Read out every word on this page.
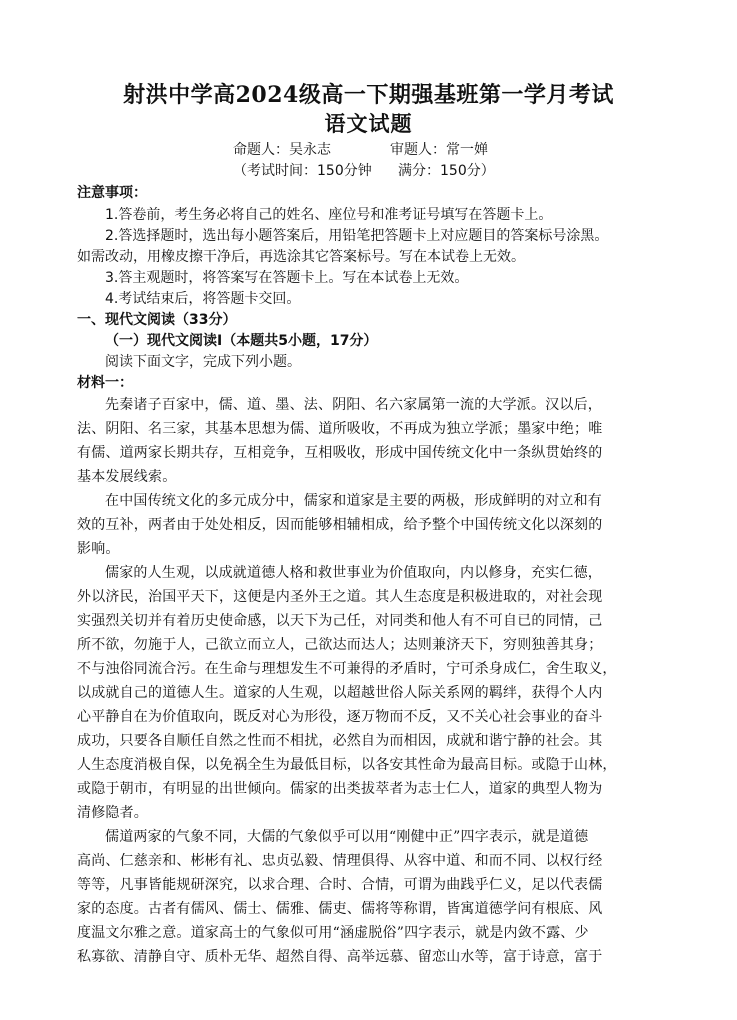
射洪中学高2024级高一下期强基班第一学月考试
语文试题
命题人：吴永志	审题人：常一婵
（考试时间：150分钟 满分：150分）
注意事项：
1.答卷前，考生务必将自己的姓名、座位号和准考证号填写在答题卡上。
2.答选择题时，选出每小题答案后，用铅笔把答题卡上对应题目的答案标号涂黑。
如需改动，用橡皮擦干净后，再选涂其它答案标号。写在本试卷上无效。
3.答主观题时，将答案写在答题卡上。写在本试卷上无效。
4.考试结束后，将答题卡交回。
一、现代文阅读（33分）
（一）现代文阅读Ⅰ（本题共5小题，17分）
阅读下面文字，完成下列小题。
材料一：
先秦诸子百家中，儒、道、墨、法、阴阳、名六家属第一流的大学派。汉以后，
法、阴阳、名三家，其基本思想为儒、道所吸收，不再成为独立学派；墨家中绝；唯
有儒、道两家长期共存，互相竞争，互相吸收，形成中国传统文化中一条纵贯始终的
基本发展线索。
在中国传统文化的多元成分中，儒家和道家是主要的两极，形成鲜明的对立和有
效的互补，两者由于处处相反，因而能够相辅相成，给予整个中国传统文化以深刻的
影响。
儒家的人生观，以成就道德人格和救世事业为价值取向，内以修身，充实仁德，
外以济民，治国平天下，这便是内圣外王之道。其人生态度是积极进取的，对社会现
实强烈关切并有着历史使命感，以天下为己任，对同类和他人有不可自已的同情，己
所不欲，勿施于人，己欲立而立人，己欲达而达人；达则兼济天下，穷则独善其身；
不与浊俗同流合污。在生命与理想发生不可兼得的矛盾时，宁可杀身成仁，舍生取义，
以成就自己的道德人生。道家的人生观，以超越世俗人际关系网的羁绊，获得个人内
心平静自在为价值取向，既反对心为形役，逐万物而不反，又不关心社会事业的奋斗
成功，只要各自顺任自然之性而不相扰，必然自为而相因，成就和谐宁静的社会。其
人生态度消极自保，以免祸全生为最低目标，以各安其性命为最高目标。或隐于山林，
或隐于朝市，有明显的出世倾向。儒家的出类拔萃者为志士仁人，道家的典型人物为
清修隐者。
儒道两家的气象不同，大儒的气象似乎可以用“刚健中正”四字表示，就是道德
高尚、仁慈亲和、彬彬有礼、忠贞弘毅、情理俱得、从容中道、和而不同、以权行经
等等，凡事皆能规研深究，以求合理、合时、合情，可谓为曲践乎仁义，足以代表儒
家的态度。古者有儒风、儒士、儒雅、儒吏、儒将等称谓，皆寓道德学问有根底、风
度温文尔雅之意。道家高士的气象似可用“涵虚脱俗”四字表示，就是内敛不露、少
私寡欲、清静自守、质朴无华、超然自得、高举远慕、留恋山水等，富于诗意，富于
